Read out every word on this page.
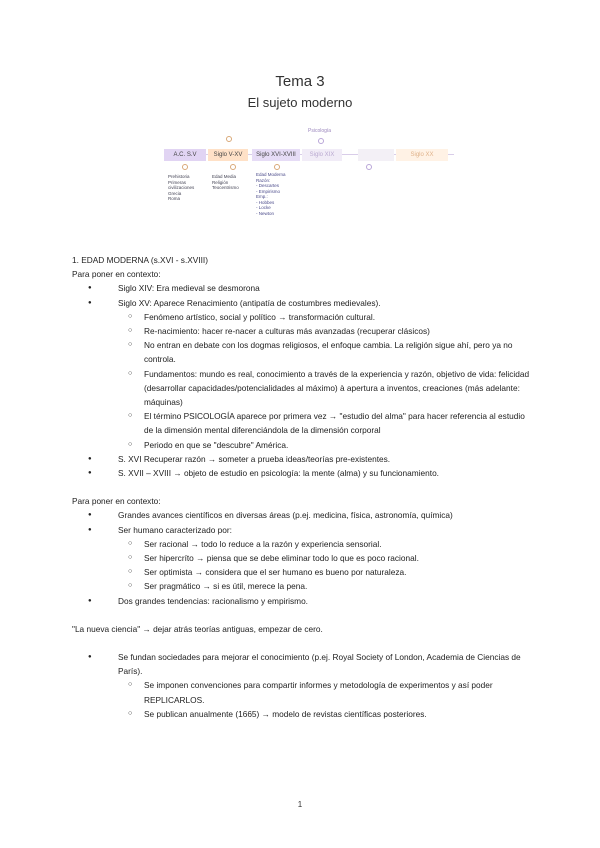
Tema 3
El sujeto moderno
Psicología
A.C. S.V	Siglo V-XV	Siglo XVI-XVIII	Siglo XIX	Siglo XX
Prehistoria
Primeras
civilizaciones
Grecia
Roma
Edad Media
Religión
Teocentrismo
Edad Moderna
Razón:
- Descartes
- Empirismo
Emp.:
- Hobbes
- Locke
- Newton

1. EDAD MODERNA (s.XVI - s.XVIII)

Para poner en contexto:

● Siglo XIV: Era medieval se desmorona

● Siglo XV: Aparece Renacimiento (antipatía de costumbres medievales).

○ Fenómeno artístico, social y político → transformación cultural.

○ Re-nacimiento: hacer re-nacer a culturas más avanzadas (recuperar clásicos)

○ No entran en debate con los dogmas religiosos, el enfoque cambia. La religión sigue ahí, pero ya no controla.

○ Fundamentos: mundo es real, conocimiento a través de la experiencia y razón, objetivo de vida: felicidad (desarrollar capacidades/potencialidades al máximo) à apertura a inventos, creaciones (más adelante: máquinas)

○ El término PSICOLOGÍA aparece por primera vez → "estudio del alma" para hacer referencia al estudio de la dimensión mental diferenciándola de la dimensión corporal

○ Periodo en que se "descubre" América.

● S. XVI Recuperar razón → someter a prueba ideas/teorías pre-existentes.

● S. XVII – XVIII → objeto de estudio en psicología: la mente (alma) y su funcionamiento.

Para poner en contexto:

● Grandes avances científicos en diversas áreas (p.ej. medicina, física, astronomía, química)

● Ser humano caracterizado por:

○ Ser racional → todo lo reduce a la razón y experiencia sensorial.

○ Ser hipercríto → piensa que se debe eliminar todo lo que es poco racional.

○ Ser optimista → considera que el ser humano es bueno por naturaleza.

○ Ser pragmático → si es útil, merece la pena.

● Dos grandes tendencias: racionalismo y empirismo.

"La nueva ciencia" → dejar atrás teorías antiguas, empezar de cero.

● Se fundan sociedades para mejorar el conocimiento (p.ej. Royal Society of London, Academia de Ciencias de París).

○ Se imponen convenciones para compartir informes y metodología de experimentos y así poder REPLICARLOS.

○ Se publican anualmente (1665) → modelo de revistas científicas posteriores.

1
